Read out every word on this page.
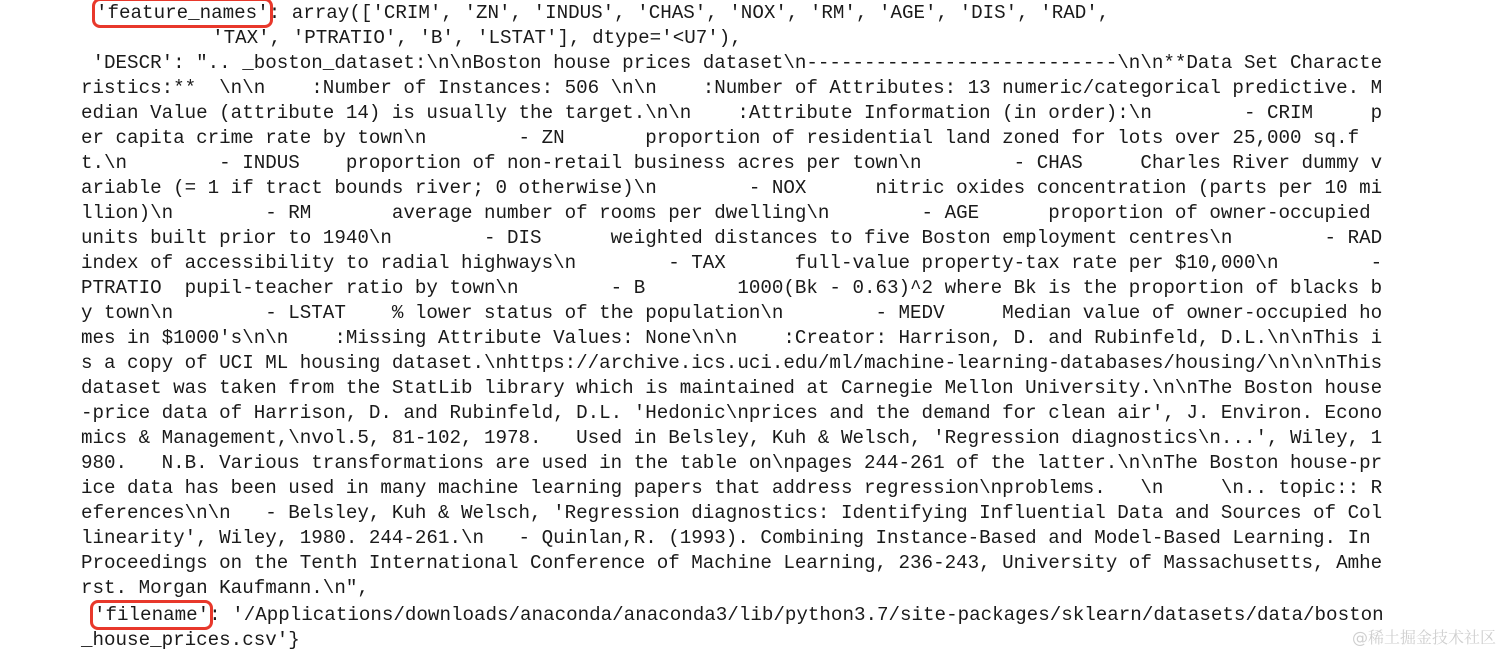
'feature_names': array(['CRIM', 'ZN', 'INDUS', 'CHAS', 'NOX', 'RM', 'AGE', 'DIS', 'RAD',
'TAX', 'PTRATIO', 'B', 'LSTAT'], dtype='<U7'),
'DESCR': ".. _boston_dataset:\n\nBoston house prices dataset\n---------------------------\n\n**Data Set Characte
ristics:**  \n\n    :Number of Instances: 506 \n\n    :Number of Attributes: 13 numeric/categorical predictive. M
edian Value (attribute 14) is usually the target.\n\n    :Attribute Information (in order):\n        - CRIM     p
er capita crime rate by town\n        - ZN       proportion of residential land zoned for lots over 25,000 sq.f
t.\n        - INDUS    proportion of non-retail business acres per town\n        - CHAS     Charles River dummy v
ariable (= 1 if tract bounds river; 0 otherwise)\n        - NOX      nitric oxides concentration (parts per 10 mi
llion)\n        - RM       average number of rooms per dwelling\n        - AGE      proportion of owner-occupied
units built prior to 1940\n        - DIS      weighted distances to five Boston employment centres\n        - RAD
index of accessibility to radial highways\n        - TAX      full-value property-tax rate per $10,000\n        -
PTRATIO  pupil-teacher ratio by town\n        - B        1000(Bk - 0.63)^2 where Bk is the proportion of blacks b
y town\n        - LSTAT    % lower status of the population\n        - MEDV     Median value of owner-occupied ho
mes in $1000's\n\n    :Missing Attribute Values: None\n\n    :Creator: Harrison, D. and Rubinfeld, D.L.\n\nThis i
s a copy of UCI ML housing dataset.\nhttps://archive.ics.uci.edu/ml/machine-learning-databases/housing/\n\n\nThis
dataset was taken from the StatLib library which is maintained at Carnegie Mellon University.\n\nThe Boston house
-price data of Harrison, D. and Rubinfeld, D.L. 'Hedonic\nprices and the demand for clean air', J. Environ. Econo
mics & Management,\nvol.5, 81-102, 1978.   Used in Belsley, Kuh & Welsch, 'Regression diagnostics\n...', Wiley, 1
980.   N.B. Various transformations are used in the table on\npages 244-261 of the latter.\n\nThe Boston house-pr
ice data has been used in many machine learning papers that address regression\nproblems.   \n     \n.. topic:: R
eferences\n\n   - Belsley, Kuh & Welsch, 'Regression diagnostics: Identifying Influential Data and Sources of Col
linearity', Wiley, 1980. 244-261.\n   - Quinlan,R. (1993). Combining Instance-Based and Model-Based Learning. In
Proceedings on the Tenth International Conference of Machine Learning, 236-243, University of Massachusetts, Amhe
rst. Morgan Kaufmann.\n",
'filename': '/Applications/downloads/anaconda/anaconda3/lib/python3.7/site-packages/sklearn/datasets/data/boston
_house_prices.csv'}	@稀土掘金技术社区
